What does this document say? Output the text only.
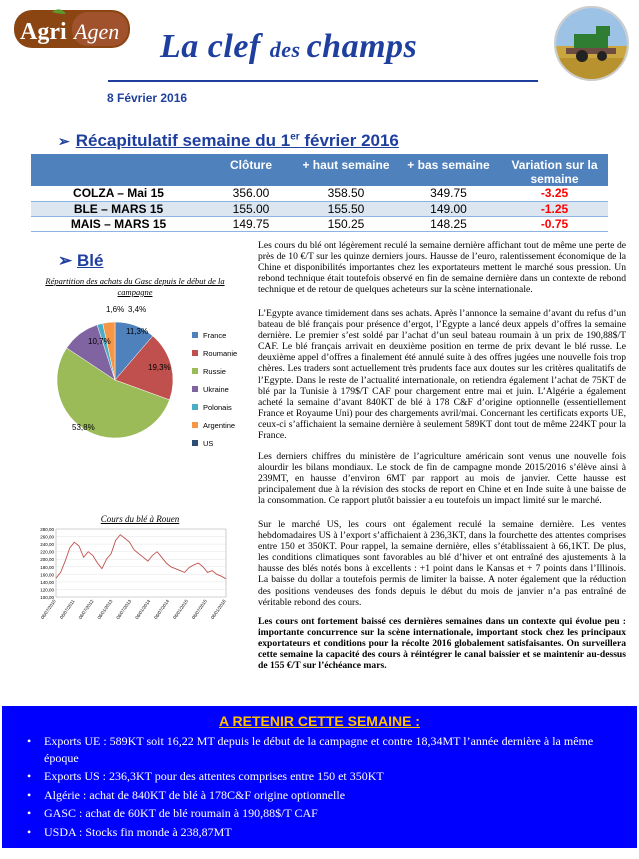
Agri Agen La clef des champs
8 Février 2016
➢ Récapitulatif semaine du 1er février 2016
	Clôture	+ haut semaine	+ bas semaine	Variation sur la semaine
COLZA – Mai 15	356.00	358.50	349.75	-3.25
BLE – MARS 15	155.00	155.50	149.00	-1.25
MAIS – MARS 15	149.75	150.25	148.25	-0.75
➢ Blé
Répartition des achats du Gasc depuis le début de la campagne
11,3%
19,3%
53,8%
10,7%
1,6% 3,4%
France
Roumanie
Russie
Ukraine
Polonais
Argentine
US
Cours du blé à Rouen
280,00
260,00
240,00
220,00
200,00
180,00
160,00
140,00
120,00
100,00
06/07/2010 06/07/2011 06/07/2012 06/01/2013 06/07/2013 06/01/2014 06/07/2014 06/01/2015 06/07/2015 06/01/2016
Les cours du blé ont légèrement reculé la semaine dernière affichant tout de même une perte de près de 10 €/T sur les quinze derniers jours. Hausse de l’euro, ralentissement économique de la Chine et disponibilités importantes chez les exportateurs mettent le marché sous pression. Un rebond technique était toutefois observé en fin de semaine dernière dans un contexte de rebond technique et de retour de quelques acheteurs sur la scène internationale.
L’Egypte avance timidement dans ses achats. Après l’annonce la semaine d’avant du refus d’un bateau de blé français pour présence d’ergot, l’Egypte a lancé deux appels d’offres la semaine dernière. Le premier s’est soldé par l’achat d’un seul bateau roumain à un prix de 190,88$/T CAF. Le blé français arrivait en deuxième position en terme de prix devant le blé russe. Le deuxième appel d’offres a finalement été annulé suite à des offres jugées une nouvelle fois trop chères. Les traders sont actuellement très prudents face aux doutes sur les critères qualitatifs de l’Egypte. Dans le reste de l’actualité internationale, on retiendra également l’achat de 75KT de blé par la Tunisie à 179$/T CAF pour chargement entre mai et juin. L’Algérie a également acheté la semaine d’avant 840KT de blé à 178 C&F d’origine optionnelle (essentiellement France et Royaume Uni) pour des chargements avril/mai. Concernant les certificats exports UE, ceux-ci s’affichaient la semaine dernière à seulement 589KT dont tout de même 224KT pour la France.
Les derniers chiffres du ministère de l’agriculture américain sont venus une nouvelle fois alourdir les bilans mondiaux. Le stock de fin de campagne monde 2015/2016 s’élève ainsi à 239MT, en hausse d’environ 6MT par rapport au mois de janvier. Cette hausse est principalement due à la révision des stocks de report en Chine et en Inde suite à une baisse de la consommation. Ce rapport plutôt baissier a eu toutefois un impact limité sur le marché.
Sur le marché US, les cours ont également reculé la semaine dernière. Les ventes hebdomadaires US à l’export s’affichaient à 236,3KT, dans la fourchette des attentes comprises entre 150 et 350KT. Pour rappel, la semaine dernière, elles s’établissaient à 66,1KT. De plus, les conditions climatiques sont favorables au blé d’hiver et ont entraîné des ajustements à la hausse des blés notés bons à excellents : +1 point dans le Kansas et + 7 points dans l’Illinois. La baisse du dollar a toutefois permis de limiter la baisse. A noter également que la réduction des positions vendeuses des fonds depuis le début du mois de janvier n’a pas entraîné de véritable rebond des cours.
Les cours ont fortement baissé ces dernières semaines dans un contexte qui évolue peu : importante concurrence sur la scène internationale, important stock chez les principaux exportateurs et conditions pour la récolte 2016 globalement satisfaisantes. On surveillera cette semaine la capacité des cours à réintégrer le canal baissier et se maintenir au-dessus de 155 €/T sur l’échéance mars.
A RETENIR CETTE SEMAINE :
• Exports UE : 589KT soit 16,22 MT depuis le début de la campagne et contre 18,34MT l’année dernière à la même époque
• Exports US : 236,3KT pour des attentes comprises entre 150 et 350KT
• Algérie : achat de 840KT de blé à 178C&F origine optionnelle
• GASC : achat de 60KT de blé roumain à 190,88$/T CAF
• USDA : Stocks fin monde à 238,87MT
